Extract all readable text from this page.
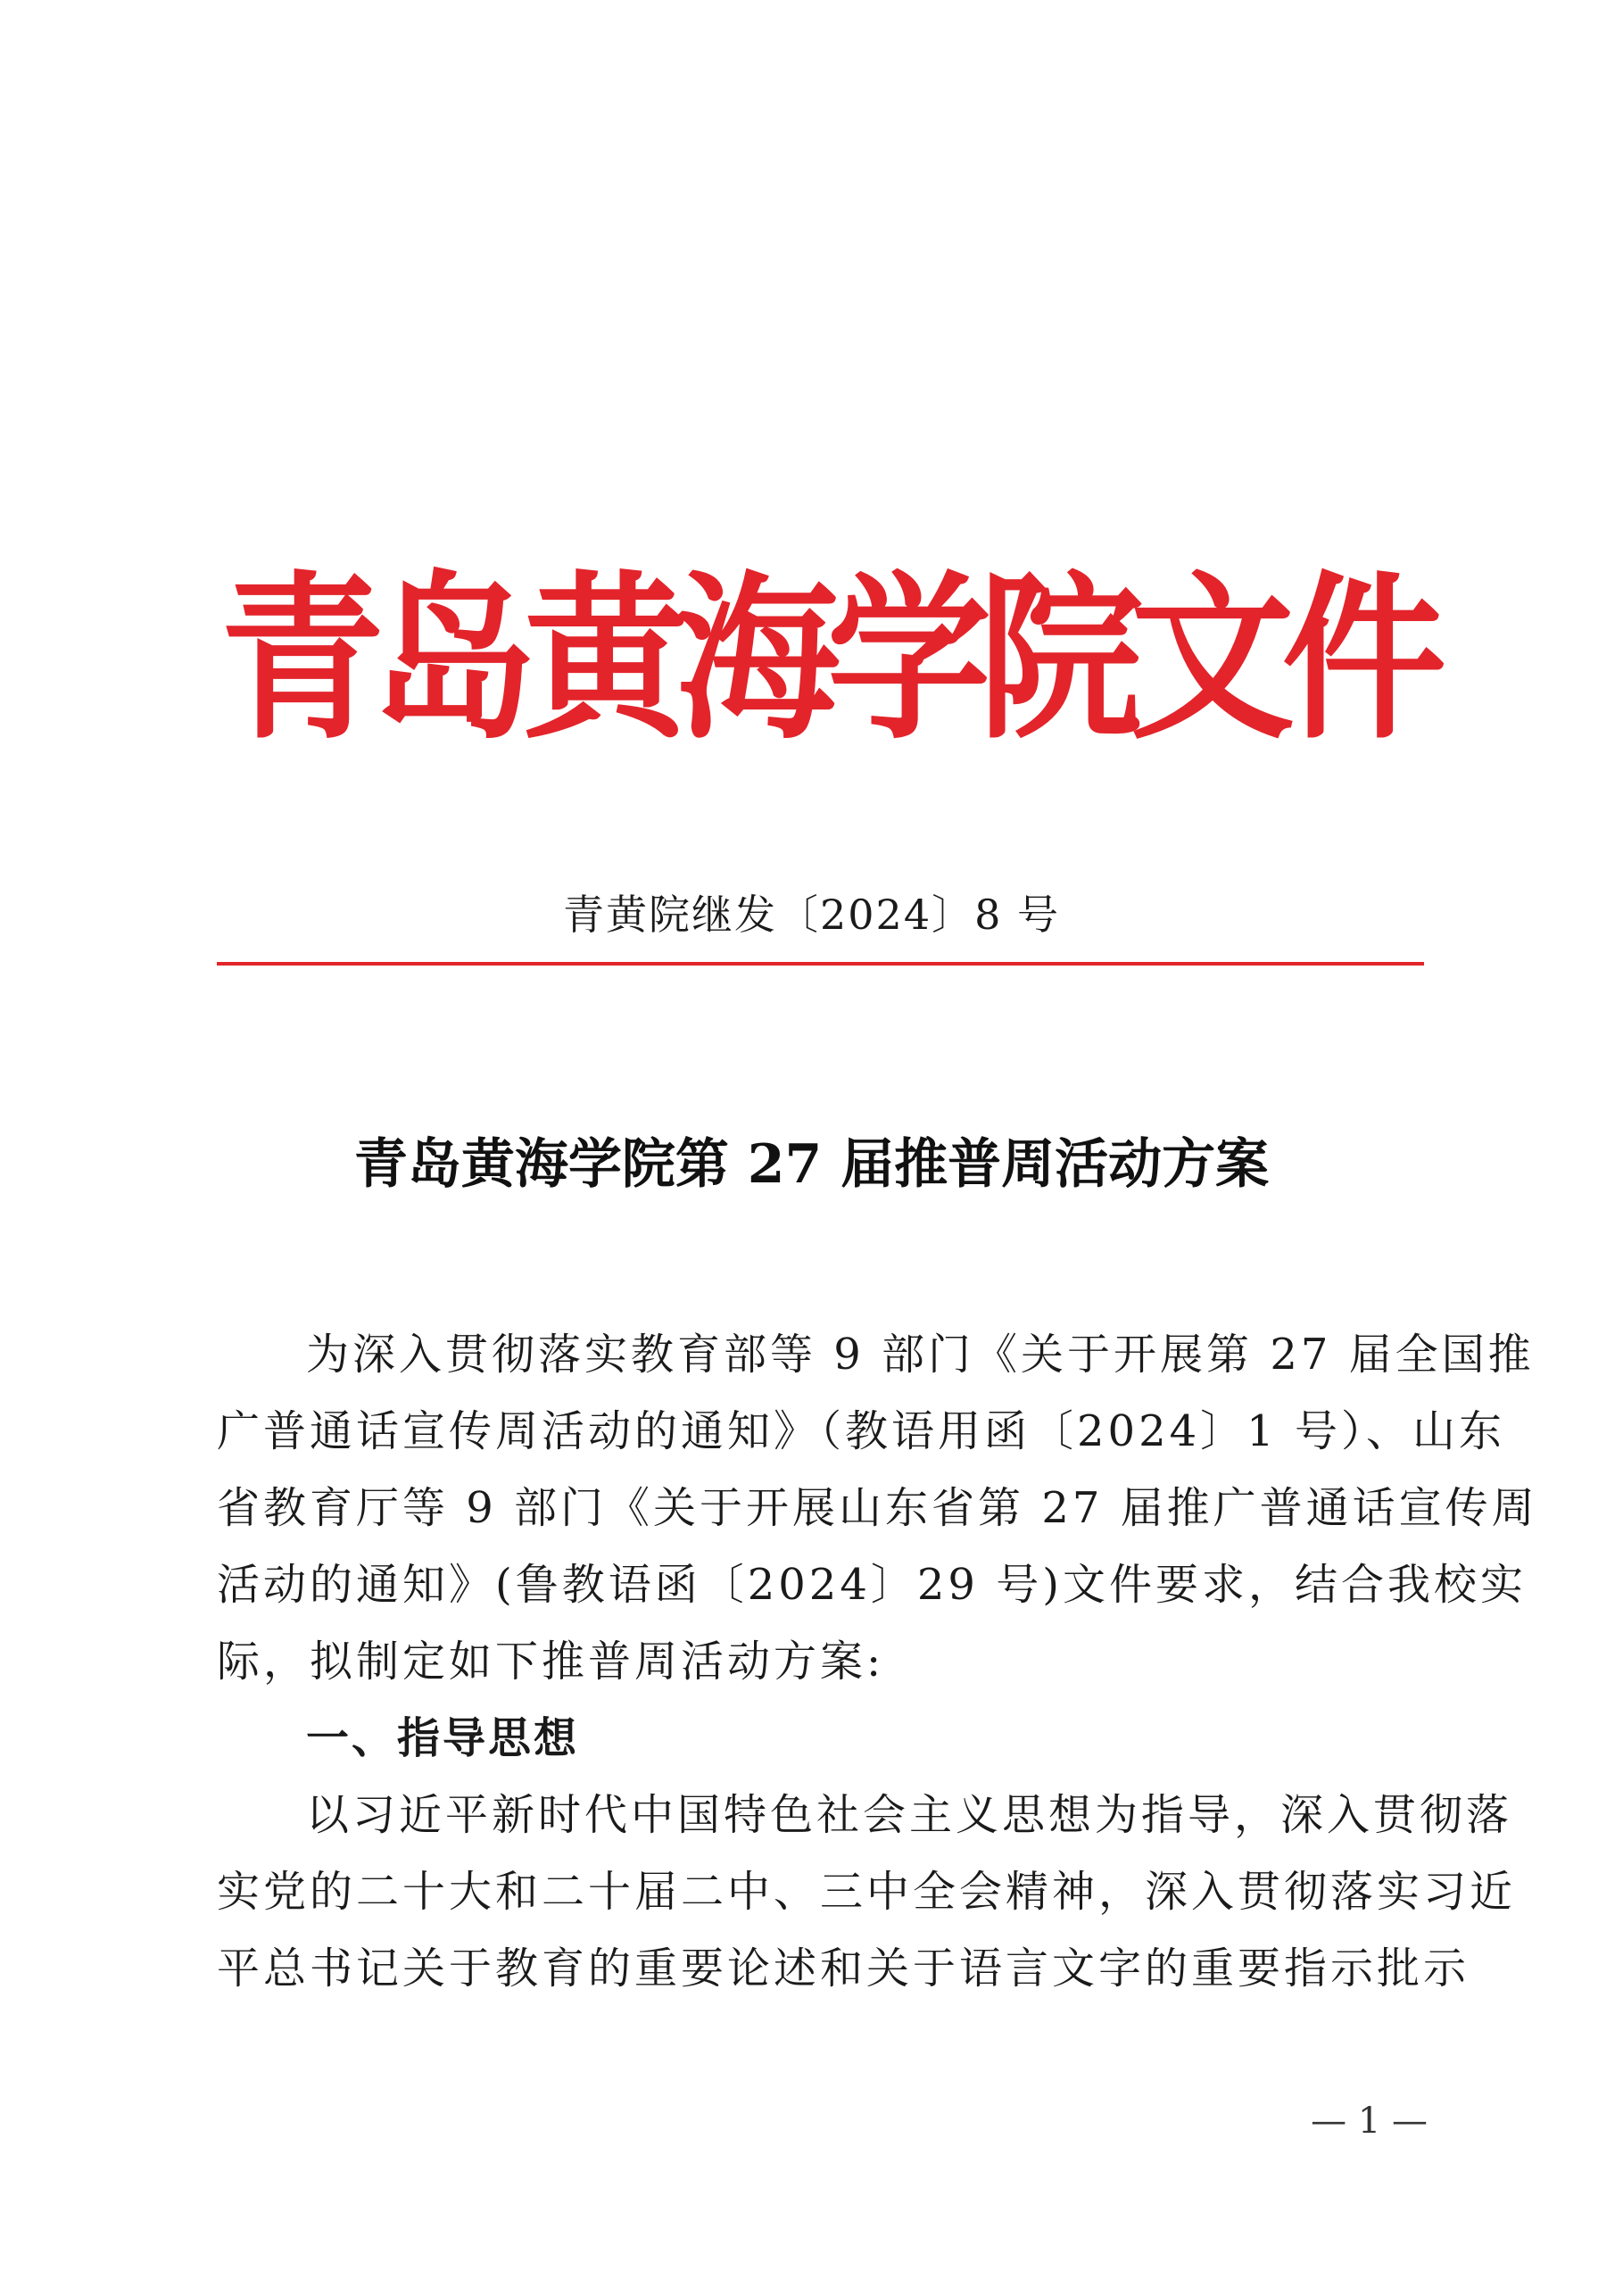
青
岛
黄
海
学
院
文
件
青黄院继发〔2024〕8 号
青岛黄海学院第 27 届推普周活动方案
为深入贯彻落实教育部等 9 部门《关于开展第 27 届全国推
广普通话宣传周活动的通知》（教语用函〔2024〕1 号）、山东
省教育厅等 9 部门《关于开展山东省第 27 届推广普通话宣传周
活动的通知》(鲁教语函〔2024〕29 号)文件要求，结合我校实
际，拟制定如下推普周活动方案:
一、指导思想
以习近平新时代中国特色社会主义思想为指导，深入贯彻落
实党的二十大和二十届二中、三中全会精神，深入贯彻落实习近
平总书记关于教育的重要论述和关于语言文字的重要指示批示
— 1 —
